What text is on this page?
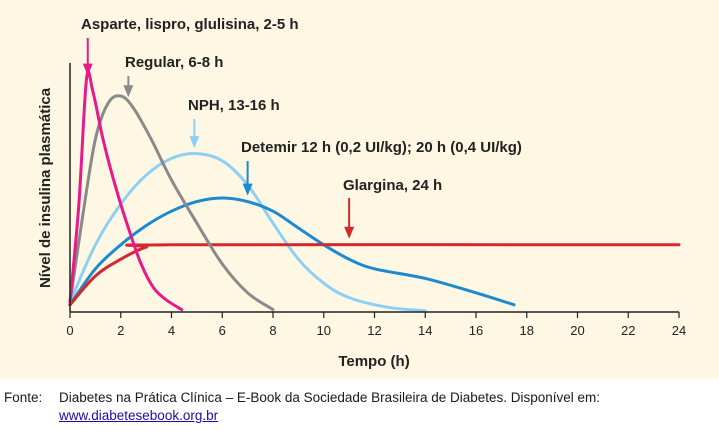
0	2	4	6	8	10	12	14	16	18	20	22	24
Tempo (h)
Nível de insulina plasmática
Asparte, lispro, glulisina, 2-5 h
Regular, 6-8 h
NPH, 13-16 h
Detemir 12 h (0,2 UI/kg); 20 h (0,4 UI/kg)
Glargina, 24 h
Fonte: Diabetes na Prática Clínica – E-Book da Sociedade Brasileira de Diabetes. Disponível em:
www.diabetesebook.org.br
